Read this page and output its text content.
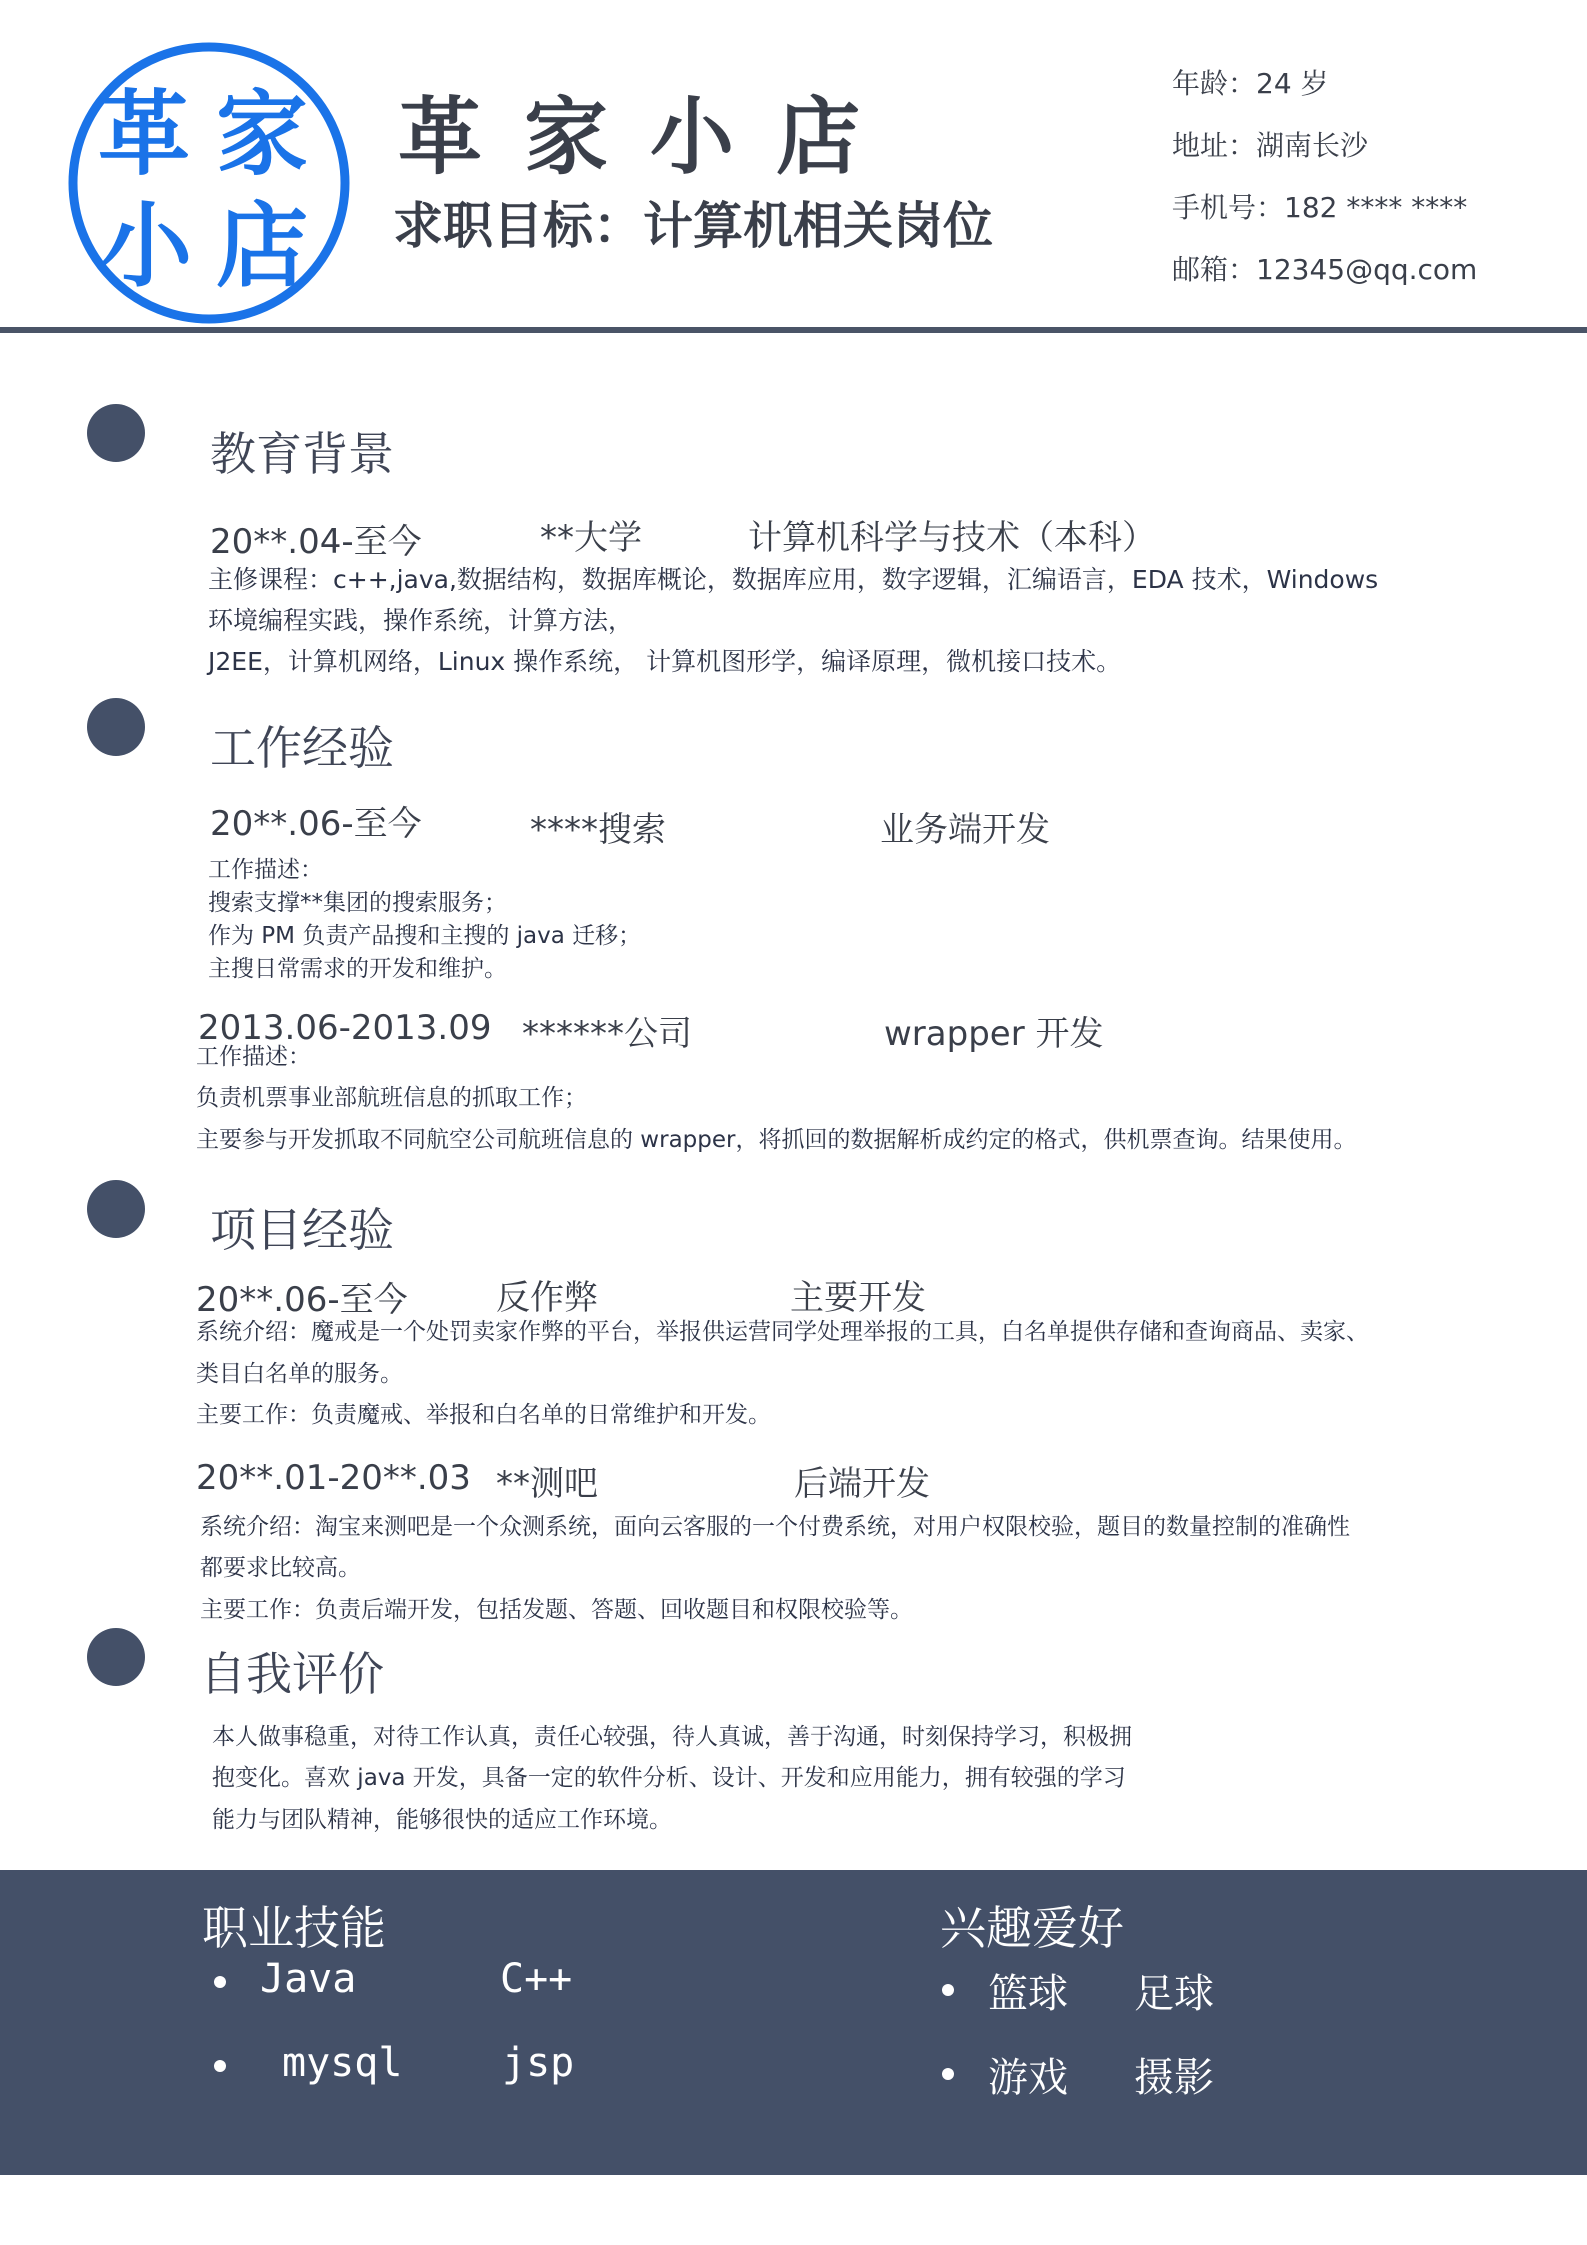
革 家
小 店
革家小店
求职目标：计算机相关岗位
年龄：24 岁
地址：湖南长沙
手机号：182 **** ****
邮箱：12345@qq.com
教育背景
20**.04-至今	**大学	计算机科学与技术（本科）
主修课程：c++,java,数据结构，数据库概论，数据库应用，数字逻辑，汇编语言，EDA 技术，Windows
环境编程实践，操作系统，计算方法，
J2EE，计算机网络，Linux 操作系统， 计算机图形学，编译原理，微机接口技术。
工作经验
20**.06-至今	****搜索	业务端开发
工作描述：
搜索支撑**集团的搜索服务；
作为 PM 负责产品搜和主搜的 java 迁移；
主搜日常需求的开发和维护。
2013.06-2013.09 ******公司	wrapper 开发
工作描述：
负责机票事业部航班信息的抓取工作；
主要参与开发抓取不同航空公司航班信息的 wrapper，将抓回的数据解析成约定的格式，供机票查询。结果使用。
项目经验
20**.06-至今	反作弊	主要开发
系统介绍：魔戒是一个处罚卖家作弊的平台，举报供运营同学处理举报的工具，白名单提供存储和查询商品、卖家、
类目白名单的服务。
主要工作：负责魔戒、举报和白名单的日常维护和开发。
20**.01-20**.03 **测吧	后端开发
系统介绍：淘宝来测吧是一个众测系统，面向云客服的一个付费系统，对用户权限校验，题目的数量控制的准确性
都要求比较高。
主要工作：负责后端开发，包括发题、答题、回收题目和权限校验等。
自我评价
本人做事稳重，对待工作认真，责任心较强，待人真诚，善于沟通，时刻保持学习，积极拥
抱变化。喜欢 java 开发，具备一定的软件分析、设计、开发和应用能力，拥有较强的学习
能力与团队精神，能够很快的适应工作环境。
职业技能
Java	C++
mysql jsp
兴趣爱好
篮球 足球
游戏 摄影
